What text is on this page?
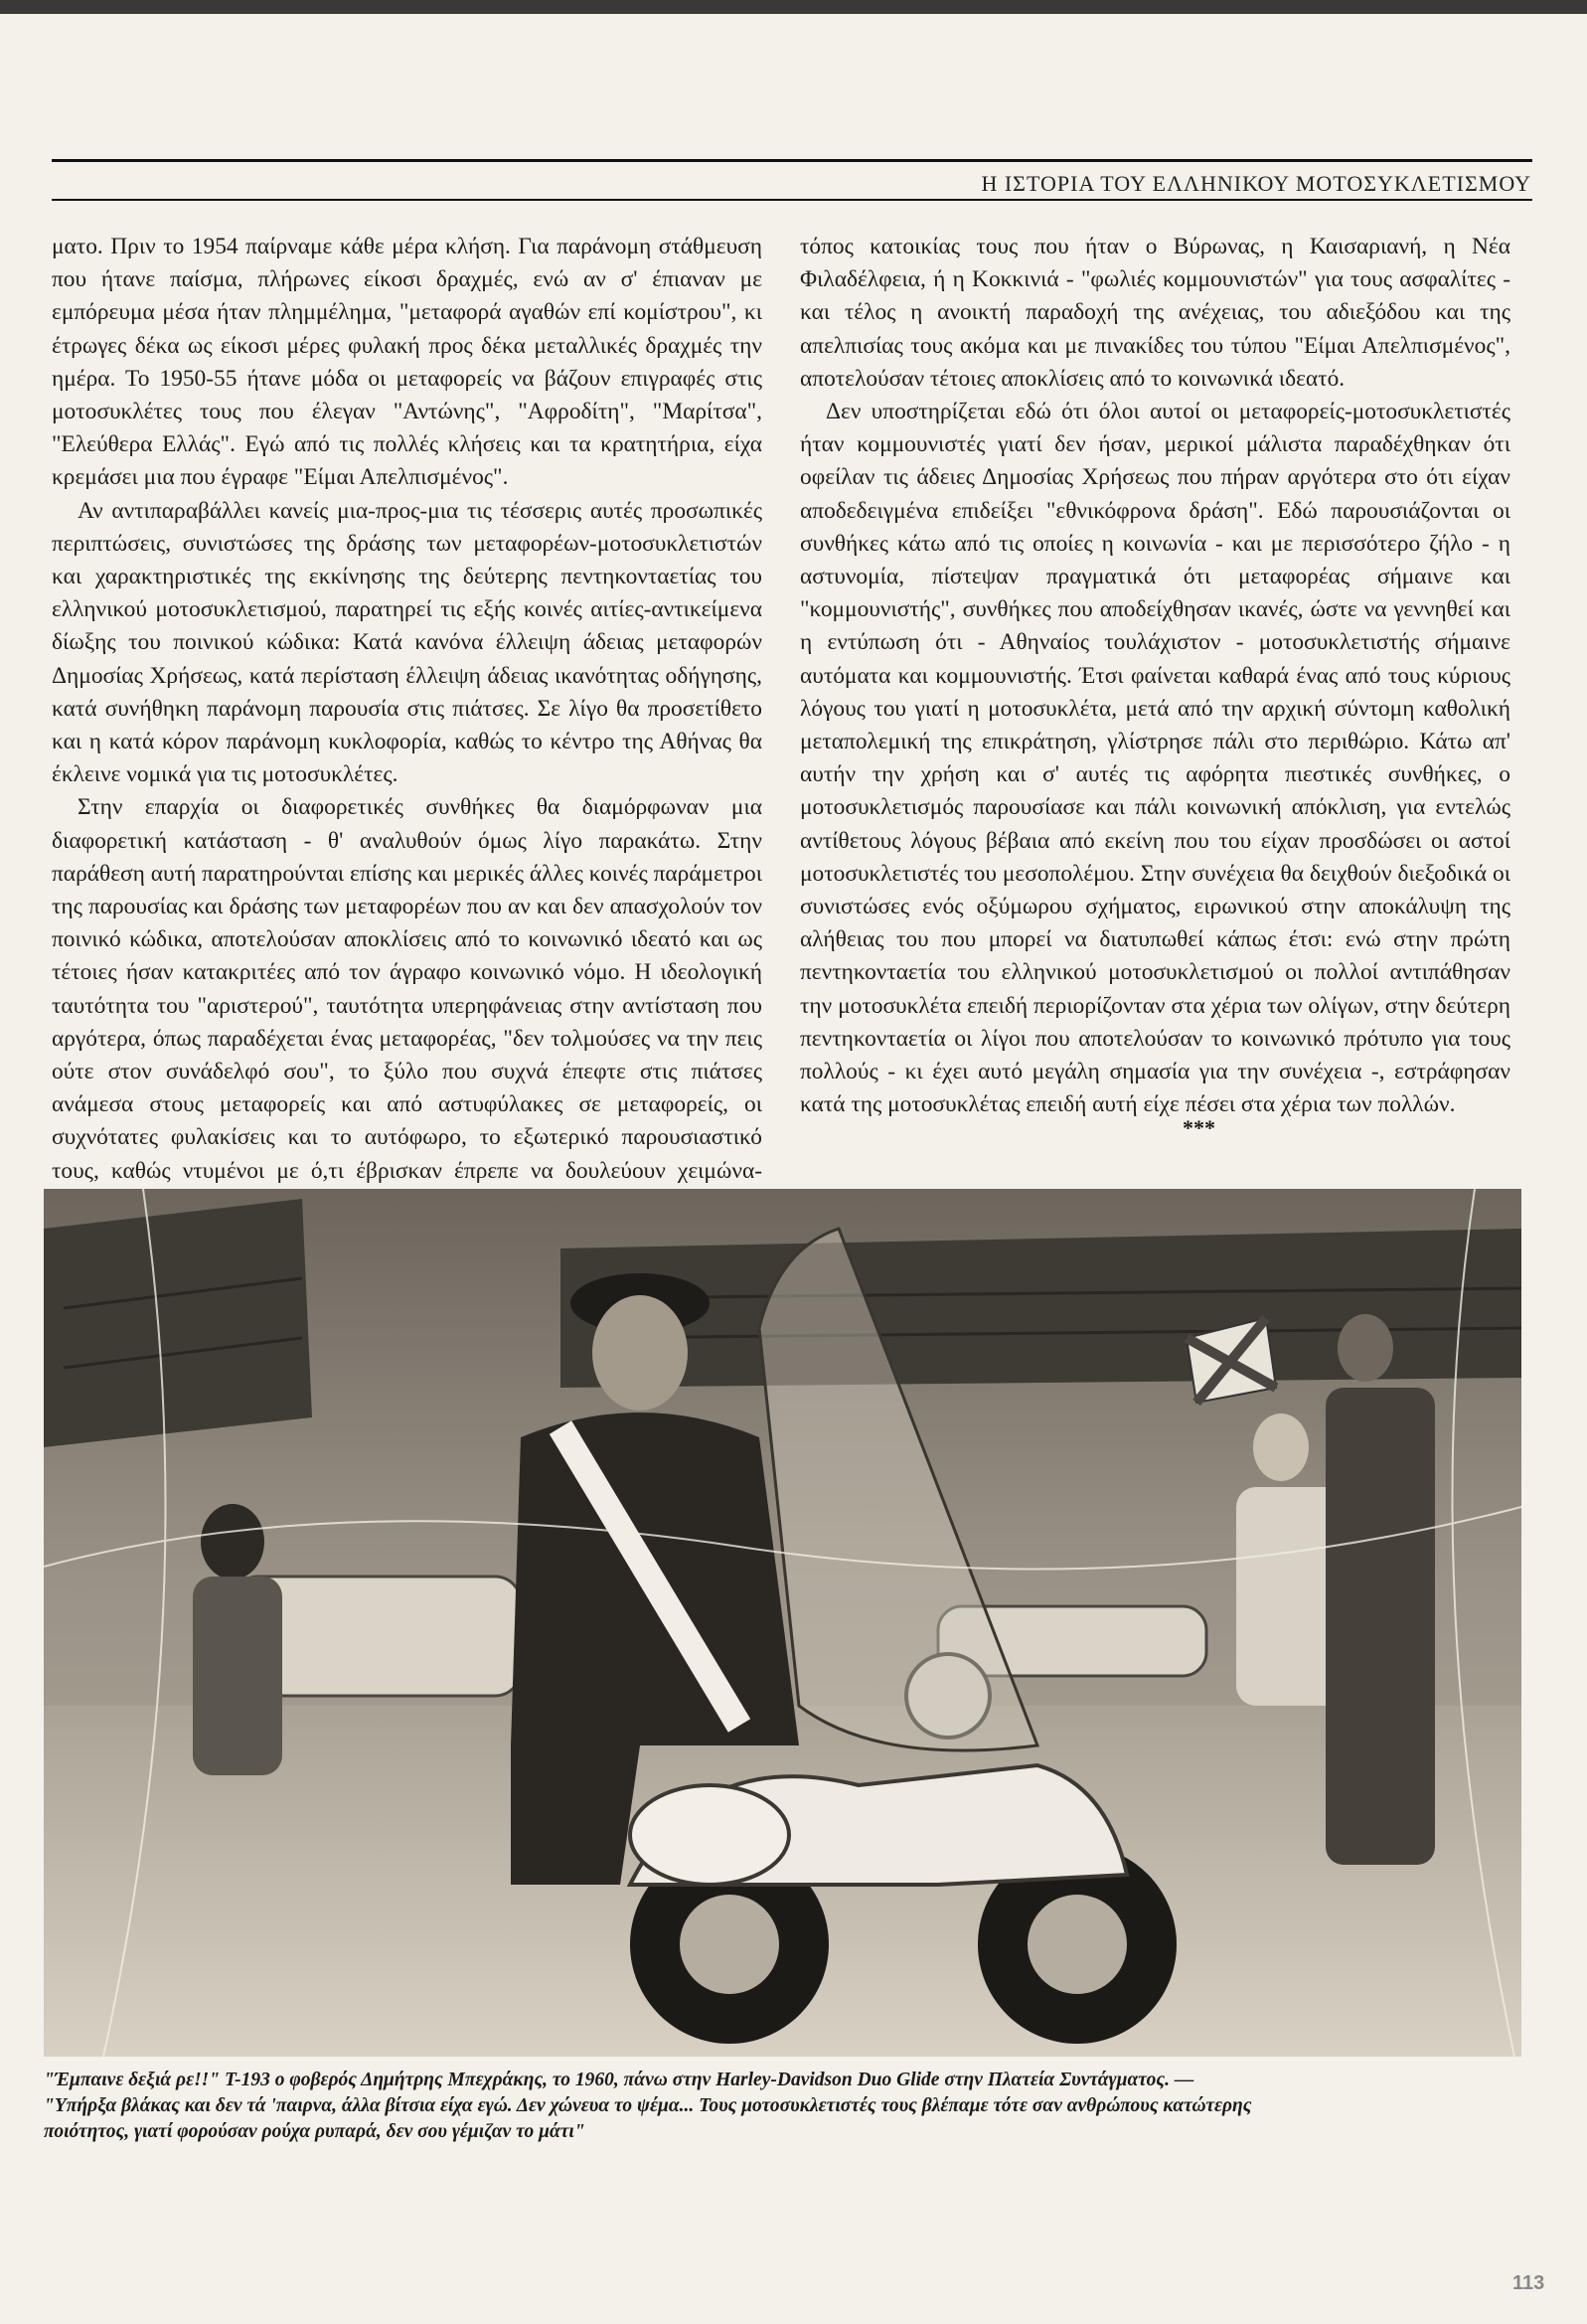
Η ΙΣΤΟΡΙΑ ΤΟΥ ΕΛΛΗΝΙΚΟΥ ΜΟΤΟΣΥΚΛΕΤΙΣΜΟΥ

ματο. Πριν το 1954 παίρναμε κάθε μέρα κλήση. Για παράνομη στάθμευση που ήτανε παίσμα, πλήρωνες είκοσι δραχμές, ενώ αν σ' έπιαναν με εμπόρευμα μέσα ήταν πλημμέλημα, "μεταφορά αγαθών επί κομίστρου", κι έτρωγες δέκα ως είκοσι μέρες φυλακή προς δέκα μεταλλικές δραχμές την ημέρα. Το 1950-55 ήτανε μόδα οι μεταφορείς να βάζουν επιγραφές στις μοτοσυκλέτες τους που έλεγαν "Αντώνης", "Αφροδίτη", "Μαρίτσα", "Ελεύθερα Ελλάς". Εγώ από τις πολλές κλήσεις και τα κρατητήρια, είχα κρεμάσει μια που έγραφε "Είμαι Απελπισμένος".

Αν αντιπαραβάλλει κανείς μια-προς-μια τις τέσσερις αυτές προσωπικές περιπτώσεις, συνιστώσες της δράσης των μεταφορέων-μοτοσυκλετιστών και χαρακτηριστικές της εκκίνησης της δεύτερης πεντηκονταετίας του ελληνικού μοτοσυκλετισμού, παρατηρεί τις εξής κοινές αιτίες-αντικείμενα δίωξης του ποινικού κώδικα: Κατά κανόνα έλλειψη άδειας μεταφορών Δημοσίας Χρήσεως, κατά περίσταση έλλειψη άδειας ικανότητας οδήγησης, κατά συνήθηκη παράνομη παρουσία στις πιάτσες. Σε λίγο θα προσετίθετο και η κατά κόρον παράνομη κυκλοφορία, καθώς το κέντρο της Αθήνας θα έκλεινε νομικά για τις μοτοσυκλέτες.

Στην επαρχία οι διαφορετικές συνθήκες θα διαμόρφωναν μια διαφορετική κατάσταση - θ' αναλυθούν όμως λίγο παρακάτω. Στην παράθεση αυτή παρατηρούνται επίσης και μερικές άλλες κοινές παράμετροι της παρουσίας και δράσης των μεταφορέων που αν και δεν απασχολούν τον ποινικό κώδικα, αποτελούσαν αποκλίσεις από το κοινωνικό ιδεατό και ως τέτοιες ήσαν κατακριτέες από τον άγραφο κοινωνικό νόμο. Η ιδεολογική ταυτότητα του "αριστερού", ταυτότητα υπερηφάνειας στην αντίσταση που αργότερα, όπως παραδέχεται ένας μεταφορέας, "δεν τολμούσες να την πεις ούτε στον συνάδελφό σου", το ξύλο που συχνά έπεφτε στις πιάτσες ανάμεσα στους μεταφορείς και από αστυφύλακες σε μεταφορείς, οι συχνότατες φυλακίσεις και το αυτόφωρο, το εξωτερικό παρουσιαστικό τους, καθώς ντυμένοι με ό,τι έβρισκαν έπρεπε να δουλεύουν χειμώνα-

τόπος κατοικίας τους που ήταν ο Βύρωνας, η Καισαριανή, η Νέα Φιλαδέλφεια, ή η Κοκκινιά - "φωλιές κομμουνιστών" για τους ασφαλίτες - και τέλος η ανοικτή παραδοχή της ανέχειας, του αδιεξόδου και της απελπισίας τους ακόμα και με πινακίδες του τύπου "Είμαι Απελπισμένος", αποτελούσαν τέτοιες αποκλίσεις από το κοινωνικά ιδεατό.

Δεν υποστηρίζεται εδώ ότι όλοι αυτοί οι μεταφορείς-μοτοσυκλετιστές ήταν κομμουνιστές γιατί δεν ήσαν, μερικοί μάλιστα παραδέχθηκαν ότι οφείλαν τις άδειες Δημοσίας Χρήσεως που πήραν αργότερα στο ότι είχαν αποδεδειγμένα επιδείξει "εθνικόφρονα δράση". Εδώ παρουσιάζονται οι συνθήκες κάτω από τις οποίες η κοινωνία - και με περισσότερο ζήλο - η αστυνομία, πίστεψαν πραγματικά ότι μεταφορέας σήμαινε και "κομμουνιστής", συνθήκες που αποδείχθησαν ικανές, ώστε να γεννηθεί και η εντύπωση ότι - Αθηναίος τουλάχιστον - μοτοσυκλετιστής σήμαινε αυτόματα και κομμουνιστής. Έτσι φαίνεται καθαρά ένας από τους κύριους λόγους του γιατί η μοτοσυκλέτα, μετά από την αρχική σύντομη καθολική μεταπολεμική της επικράτηση, γλίστρησε πάλι στο περιθώριο. Κάτω απ' αυτήν την χρήση και σ' αυτές τις αφόρητα πιεστικές συνθήκες, ο μοτοσυκλετισμός παρουσίασε και πάλι κοινωνική απόκλιση, για εντελώς αντίθετους λόγους βέβαια από εκείνη που του είχαν προσδώσει οι αστοί μοτοσυκλετιστές του μεσοπολέμου. Στην συνέχεια θα δειχθούν διεξοδικά οι συνιστώσες ενός οξύμωρου σχήματος, ειρωνικού στην αποκάλυψη της αλήθειας του που μπορεί να διατυπωθεί κάπως έτσι: ενώ στην πρώτη πεντηκονταετία του ελληνικού μοτοσυκλετισμού οι πολλοί αντιπάθησαν την μοτοσυκλέτα επειδή περιορίζονταν στα χέρια των ολίγων, στην δεύτερη πεντηκονταετία οι λίγοι που αποτελούσαν το κοινωνικό πρότυπο για τους πολλούς - κι έχει αυτό μεγάλη σημασία για την συνέχεια -, εστράφησαν κατά της μοτοσυκλέτας επειδή αυτή είχε πέσει στα χέρια των πολλών.

***
"Έμπαινε δεξιά ρε!!" Τ-193 ο φοβερός Δημήτρης Μπεχράκης, το 1960, πάνω στην Harley-Davidson Duo Glide στην Πλατεία Συντάγματος. —
"Υπήρξα βλάκας και δεν τά 'παιρνα, άλλα βίτσια είχα εγώ. Δεν χώνευα το ψέμα... Τους μοτοσυκλετιστές τους βλέπαμε τότε σαν ανθρώπους κατώτερης
ποιότητος, γιατί φορούσαν ρούχα ρυπαρά, δεν σου γέμιζαν το μάτι"
113
